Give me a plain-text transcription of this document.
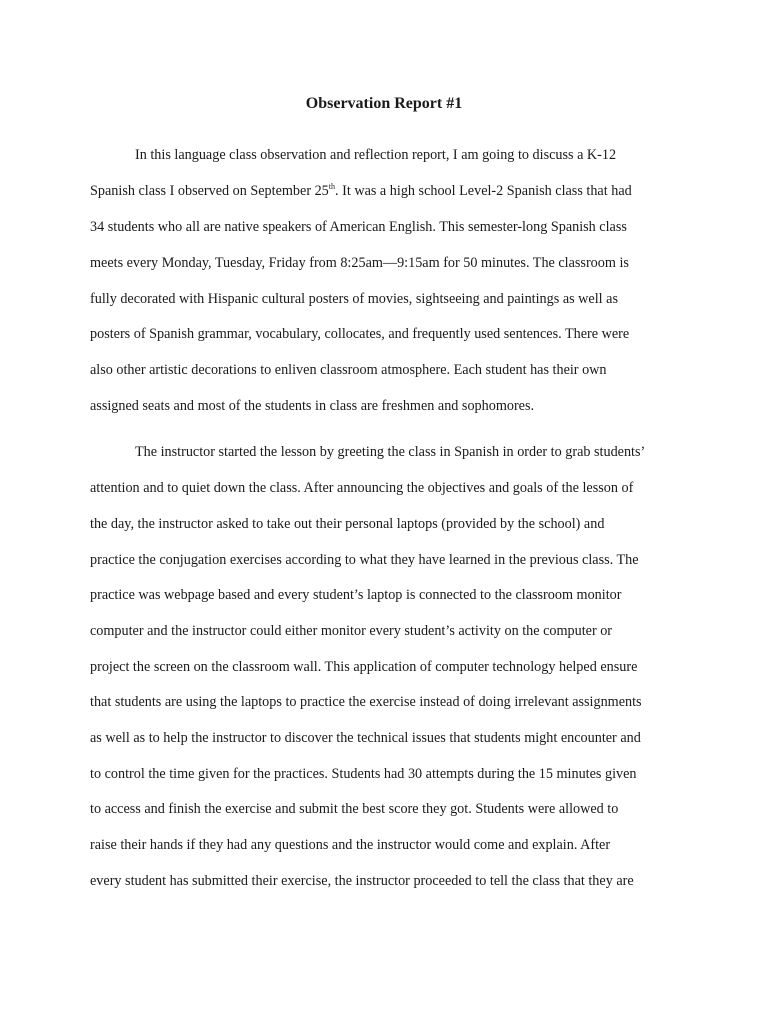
Observation Report #1

In this language class observation and reflection report, I am going to discuss a K-12

Spanish class I observed on September 25th. It was a high school Level-2 Spanish class that had

34 students who all are native speakers of American English. This semester-long Spanish class

meets every Monday, Tuesday, Friday from 8:25am—9:15am for 50 minutes. The classroom is

fully decorated with Hispanic cultural posters of movies, sightseeing and paintings as well as

posters of Spanish grammar, vocabulary, collocates, and frequently used sentences. There were

also other artistic decorations to enliven classroom atmosphere. Each student has their own

assigned seats and most of the students in class are freshmen and sophomores.

The instructor started the lesson by greeting the class in Spanish in order to grab students’

attention and to quiet down the class. After announcing the objectives and goals of the lesson of

the day, the instructor asked to take out their personal laptops (provided by the school) and

practice the conjugation exercises according to what they have learned in the previous class. The

practice was webpage based and every student’s laptop is connected to the classroom monitor

computer and the instructor could either monitor every student’s activity on the computer or

project the screen on the classroom wall. This application of computer technology helped ensure

that students are using the laptops to practice the exercise instead of doing irrelevant assignments

as well as to help the instructor to discover the technical issues that students might encounter and

to control the time given for the practices. Students had 30 attempts during the 15 minutes given

to access and finish the exercise and submit the best score they got. Students were allowed to

raise their hands if they had any questions and the instructor would come and explain. After

every student has submitted their exercise, the instructor proceeded to tell the class that they are
